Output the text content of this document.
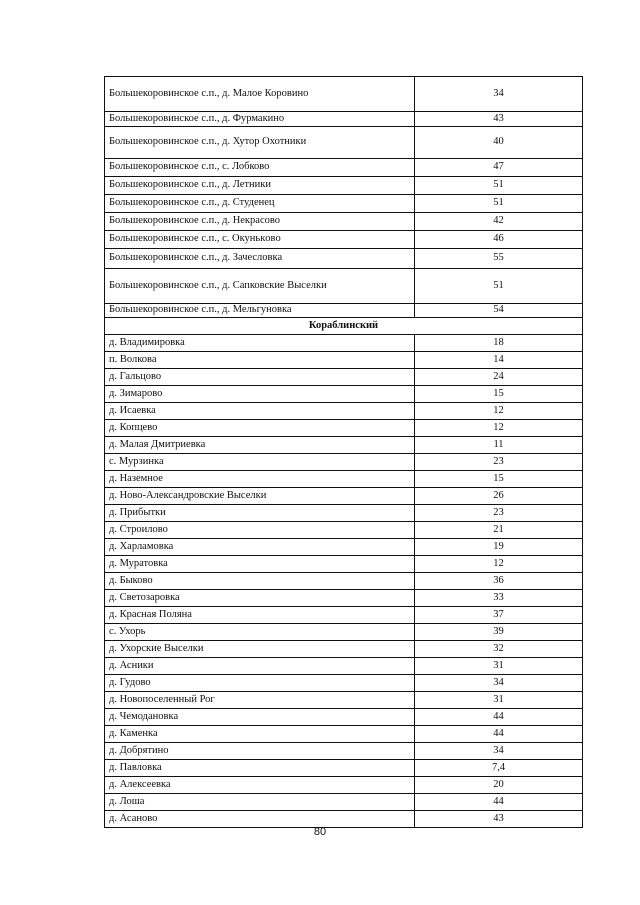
Большекоровинское с.п., д. Малое Коровино	34
Большекоровинское с.п., д. Фурмакино	43
Большекоровинское с.п., д. Хутор Охотники	40
Большекоровинское с.п., с. Лобково	47
Большекоровинское с.п., д. Летники	51
Большекоровинское с.п., д. Студенец	51
Большекоровинское с.п., д. Некрасово	42
Большекоровинское с.п., с. Окунькoво	46
Большекоровинское с.п., д. Зачесловка	55
Большекоровинское с.п., д. Сапковские Выселки	51
Большекоровинское с.п., д. Мельгуновка	54
Кораблинский	
д. Владимировка	18
п. Волкова	14
д. Гальцово	24
д. Зимарово	15
д. Исаевка	12
д. Копцево	12
д. Малая Дмитриевка	11
с. Мурзинка	23
д. Наземное	15
д. Ново-Александровские Выселки	26
д. Прибытки	23
д. Строилово	21
д. Харламовка	19
д. Муратовка	12
д. Быково	36
д. Светозаровка	33
д. Красная Поляна	37
с. Ухорь	39
д. Ухорские Выселки	32
д. Асники	31
д. Гудово	34
д. Новопоселенный Рог	31
д. Чемодановка	44
д. Каменка	44
д. Добрятино	34
д. Павловка	7,4
д. Алексеевка	20
д. Лоша	44
д. Асаново	43
80
